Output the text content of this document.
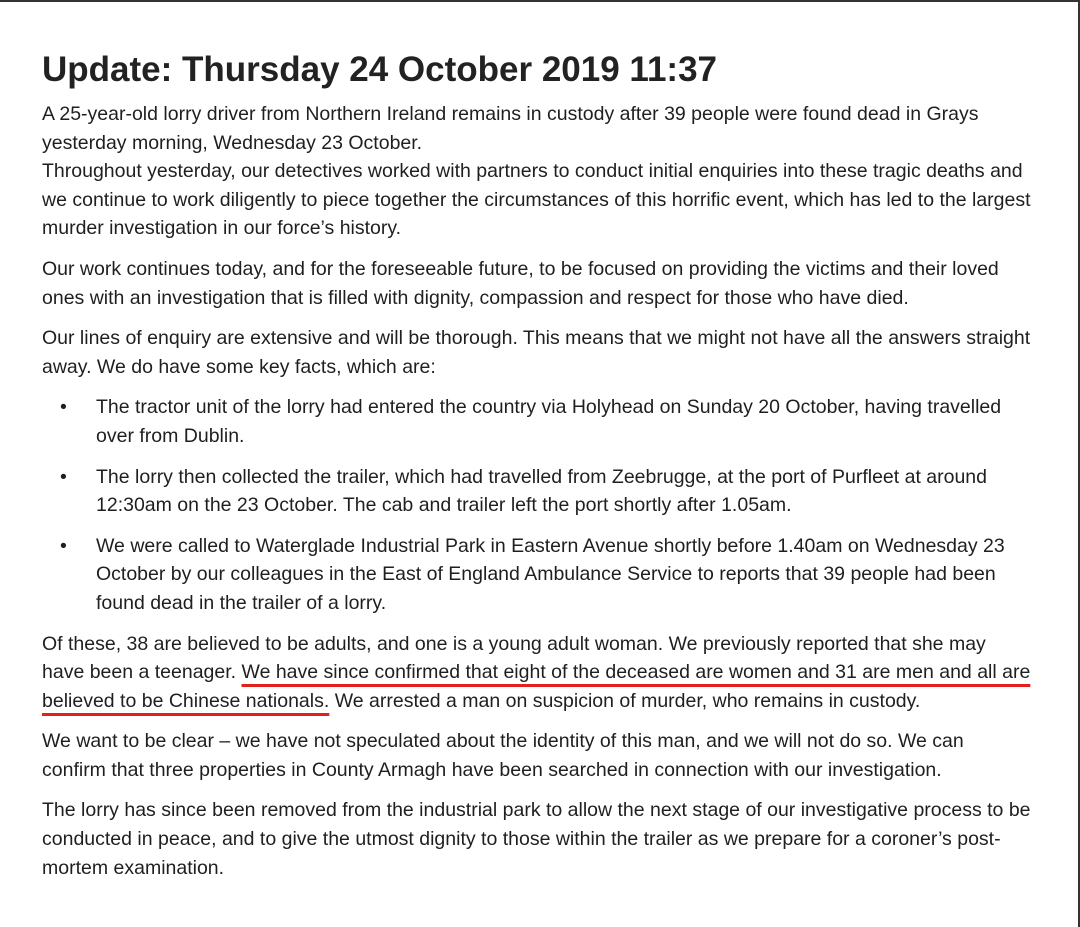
Update: Thursday 24 October 2019 11:37

A 25-year-old lorry driver from Northern Ireland remains in custody after 39 people were found dead in Grays yesterday morning, Wednesday 23 October.

Throughout yesterday, our detectives worked with partners to conduct initial enquiries into these tragic deaths and we continue to work diligently to piece together the circumstances of this horrific event, which has led to the largest murder investigation in our force’s history.

Our work continues today, and for the foreseeable future, to be focused on providing the victims and their loved ones with an investigation that is filled with dignity, compassion and respect for those who have died.

Our lines of enquiry are extensive and will be thorough. This means that we might not have all the answers straight away. We do have some key facts, which are:

• The tractor unit of the lorry had entered the country via Holyhead on Sunday 20 October, having travelled over from Dublin.
• The lorry then collected the trailer, which had travelled from Zeebrugge, at the port of Purfleet at around 12:30am on the 23 October. The cab and trailer left the port shortly after 1.05am.
• We were called to Waterglade Industrial Park in Eastern Avenue shortly before 1.40am on Wednesday 23 October by our colleagues in the East of England Ambulance Service to reports that 39 people had been found dead in the trailer of a lorry.

Of these, 38 are believed to be adults, and one is a young adult woman. We previously reported that she may have been a teenager. We have since confirmed that eight of the deceased are women and 31 are men and all are believed to be Chinese nationals. We arrested a man on suspicion of murder, who remains in custody.

We want to be clear – we have not speculated about the identity of this man, and we will not do so. We can confirm that three properties in County Armagh have been searched in connection with our investigation.

The lorry has since been removed from the industrial park to allow the next stage of our investigative process to be conducted in peace, and to give the utmost dignity to those within the trailer as we prepare for a coroner’s post-mortem examination.
